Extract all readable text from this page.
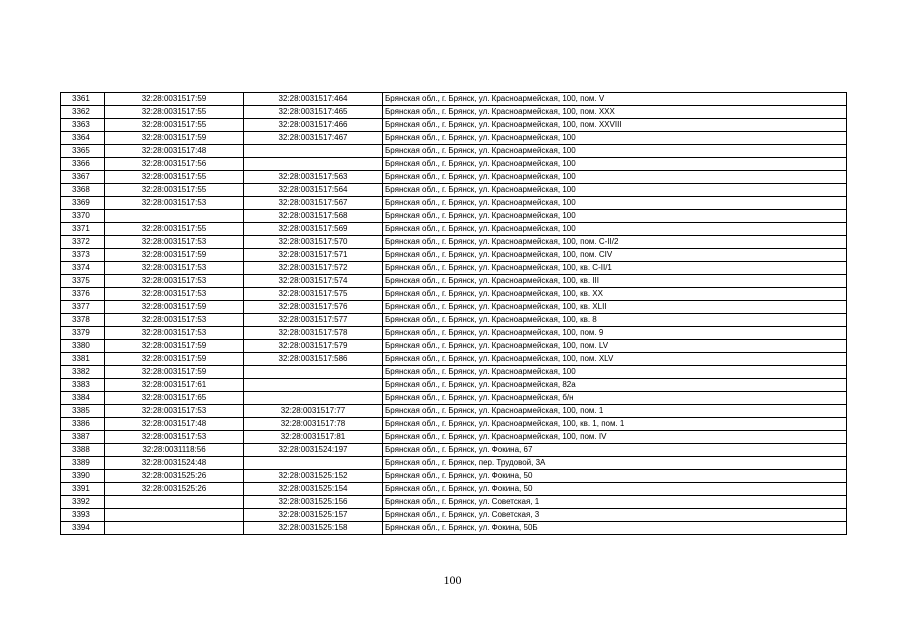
3361	32:28:0031517:59	32:28:0031517:464	Брянская обл., г. Брянск, ул. Красноармейская, 100, пом. V
3362	32:28:0031517:55	32:28:0031517:465	Брянская обл., г. Брянск, ул. Красноармейская, 100, пом. XXX
3363	32:28:0031517:55	32:28:0031517:466	Брянская обл., г. Брянск, ул. Красноармейская, 100, пом. XXVIII
3364	32:28:0031517:59	32:28:0031517:467	Брянская обл., г. Брянск, ул. Красноармейская, 100
3365	32:28:0031517:48		Брянская обл., г. Брянск, ул. Красноармейская, 100
3366	32:28:0031517:56		Брянская обл., г. Брянск, ул. Красноармейская, 100
3367	32:28:0031517:55	32:28:0031517:563	Брянская обл., г. Брянск, ул. Красноармейская, 100
3368	32:28:0031517:55	32:28:0031517:564	Брянская обл., г. Брянск, ул. Красноармейская, 100
3369	32:28:0031517:53	32:28:0031517:567	Брянская обл., г. Брянск, ул. Красноармейская, 100
3370		32:28:0031517:568	Брянская обл., г. Брянск, ул. Красноармейская, 100
3371	32:28:0031517:55	32:28:0031517:569	Брянская обл., г. Брянск, ул. Красноармейская, 100
3372	32:28:0031517:53	32:28:0031517:570	Брянская обл., г. Брянск, ул. Красноармейская, 100, пом. С-II/2
3373	32:28:0031517:59	32:28:0031517:571	Брянская обл., г. Брянск, ул. Красноармейская, 100, пом. CIV
3374	32:28:0031517:53	32:28:0031517:572	Брянская обл., г. Брянск, ул. Красноармейская, 100, кв. С-II/1
3375	32:28:0031517:53	32:28:0031517:574	Брянская обл., г. Брянск, ул. Красноармейская, 100, кв. III
3376	32:28:0031517:53	32:28:0031517:575	Брянская обл., г. Брянск, ул. Красноармейская, 100, кв. XX
3377	32:28:0031517:59	32:28:0031517:576	Брянская обл., г. Брянск, ул. Красноармейская, 100, кв. XLII
3378	32:28:0031517:53	32:28:0031517:577	Брянская обл., г. Брянск, ул. Красноармейская, 100, кв. 8
3379	32:28:0031517:53	32:28:0031517:578	Брянская обл., г. Брянск, ул. Красноармейская, 100, пом. 9
3380	32:28:0031517:59	32:28:0031517:579	Брянская обл., г. Брянск, ул. Красноармейская, 100, пом. LV
3381	32:28:0031517:59	32:28:0031517:586	Брянская обл., г. Брянск, ул. Красноармейская, 100, пом. XLV
3382	32:28:0031517:59		Брянская обл., г. Брянск, ул. Красноармейская, 100
3383	32:28:0031517:61		Брянская обл., г. Брянск, ул. Красноармейская, 82а
3384	32:28:0031517:65		Брянская обл., г. Брянск, ул. Красноармейская, б/н
3385	32:28:0031517:53	32:28:0031517:77	Брянская обл., г. Брянск, ул. Красноармейская, 100, пом. 1
3386	32:28:0031517:48	32:28:0031517:78	Брянская обл., г. Брянск, ул. Красноармейская, 100, кв. 1, пом. 1
3387	32:28:0031517:53	32:28:0031517:81	Брянская обл., г. Брянск, ул. Красноармейская, 100, пом. IV
3388	32:28:0031118:56	32:28:0031524:197	Брянская обл., г. Брянск, ул. Фокина, 67
3389	32:28:0031524:48		Брянская обл., г. Брянск, пер. Трудовой, 3А
3390	32:28:0031525:26	32:28:0031525:152	Брянская обл., г. Брянск, ул. Фокина, 50
3391	32:28:0031525:26	32:28:0031525:154	Брянская обл., г. Брянск, ул. Фокина, 50
3392		32:28:0031525:156	Брянская обл., г. Брянск, ул. Советская, 1
3393		32:28:0031525:157	Брянская обл., г. Брянск, ул. Советская, 3
3394		32:28:0031525:158	Брянская обл., г. Брянск, ул. Фокина, 50Б
100
